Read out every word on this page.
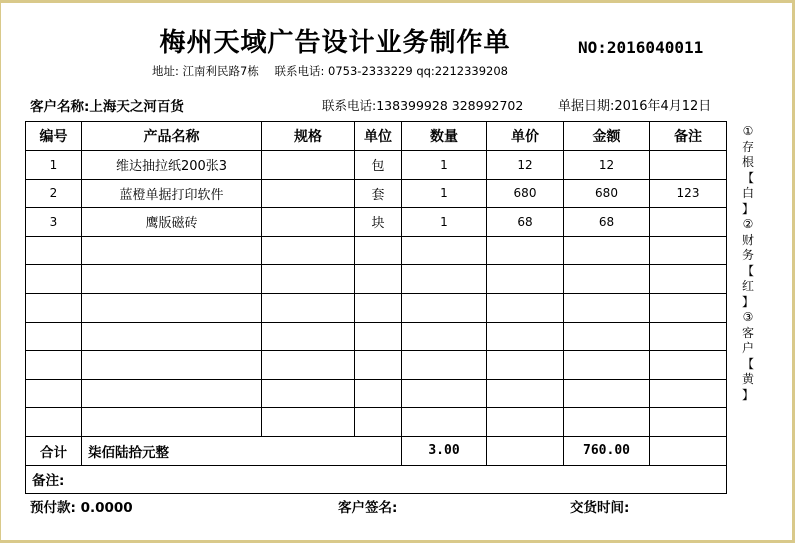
梅州天域广告设计业务制作单	NO:2016040011
地址: 江南利民路7栋 联系电话: 0753-2333229 qq:2212339208
客户名称:上海天之河百货	联系电话:138399928 328992702	单据日期:2016年4月12日
编号	产品名称	规格	单位	数量	单价	金额	备注
1	维达抽拉纸200张3		包	1	12	12	
2	蓝橙单据打印软件		套	1	680	680	123
3	鹰版磁砖		块	1	68	68	

合计	柒佰陆拾元整			3.00		760.00	
备注:							
①
存
根
【
白
】
②
财
务
【
红
】
③
客
户
【
黄
】
预付款: 0.0000	客户签名:	交货时间:
